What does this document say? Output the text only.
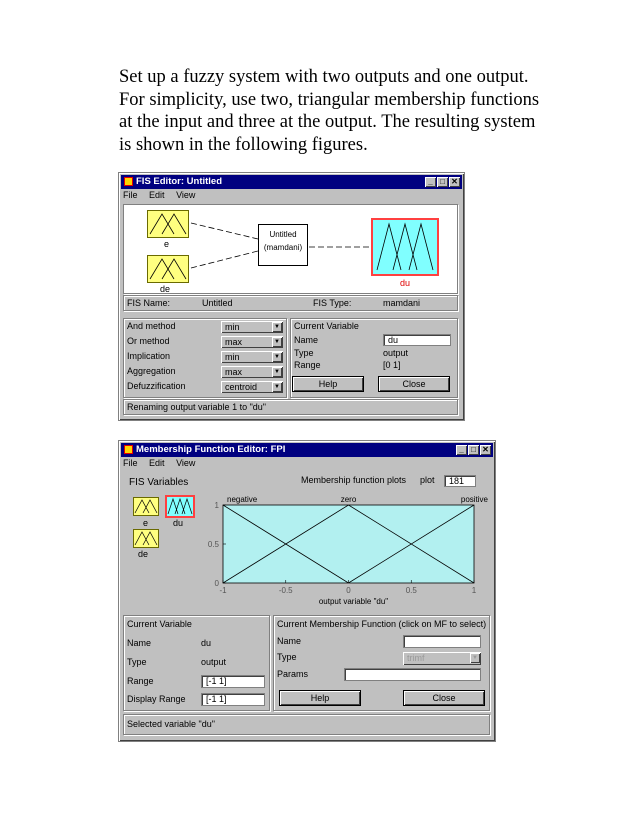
Set up a fuzzy system with two outputs and one output. For simplicity, use two, triangular membership functions at the input and three at the output. The resulting system is shown in the following figures.

FIS Editor: Untitled	_ □ ✕
File Edit View
e
de
Untitled
(mamdani)
du
FIS Name:	Untitled	FIS Type:	mamdani
And method	min	▼
Or method	max	▼
Implication	min	▼
Aggregation	max	▼
Defuzzification	centroid	▼
Current Variable
Name	du
Type	output
Range	[0 1]
Help	Close
Renaming output variable 1 to "du"
Membership Function Editor: FPI	_ □ ✕
File Edit View
FIS Variables
e	du
de
Membership function plots plot	181
negative	zero	positive
0
0.5
1
-1	-0.5	0	0.5	1
output variable "du"
Current Variable
Name	du
Type	output
Range	[-1 1]
Display Range	[-1 1]
Current Membership Function (click on MF to select)
Name
Type	trimf	▼
Params
Help	Close
Selected variable "du"
